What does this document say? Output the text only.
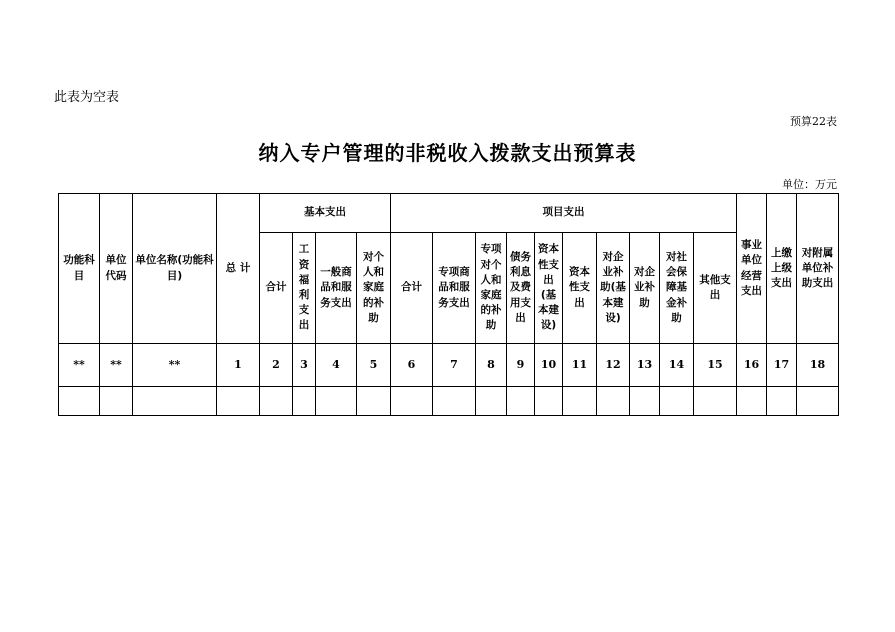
此表为空表
预算22表
纳入专户管理的非税收入拨款支出预算表
单位：万元
功能科目	单位代码	单位名称(功能科目)	总 计	基本支出				项目支出										事业单位经营支出	上缴上级支出	对附属单位补助支出
				合计	工资福利支出	一般商品和服务支出	对个人和家庭的补助	合计	专项商品和服务支出	专项对个人和家庭的补助	债务利息及费用支出	资本性支出(基本建设)	资本性支出	对企业补助(基本建设)	对企业补助	对社会保障基金补助	其他支出			
**	**	**	1	2	3	4	5	6	7	8	9	10	11	12	13	14	15	16	17	18
